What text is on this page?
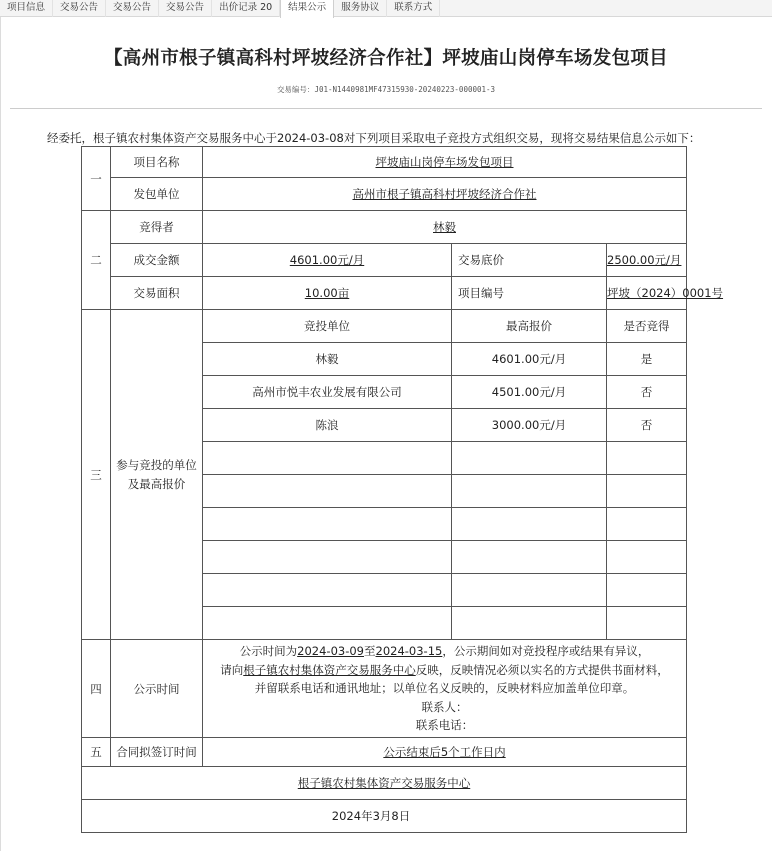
项目信息	交易公告	交易公告	交易公告	出价记录 20	结果公示	服务协议	联系方式
【高州市根子镇高科村坪坡经济合作社】坪坡庙山岗停车场发包项目
交易编号：J01-N1440981MF47315930-20240223-000001-3
经委托，根子镇农村集体资产交易服务中心于2024-03-08对下列项目采取电子竞投方式组织交易，现将交易结果信息公示如下：
一	项目名称	坪坡庙山岗停车场发包项目		
	发包单位	高州市根子镇高科村坪坡经济合作社		
二	竞得者	林毅		
	成交金额	4601.00元/月	交易底价	2500.00元/月
	交易面积	10.00亩	项目编号	坪坡（2024）0001号
三	参与竞投的单位及最高报价	竞投单位	最高报价	是否竞得
		林毅	4601.00元/月	是
		高州市悦丰农业发展有限公司	4501.00元/月	否
		陈浪	3000.00元/月	否

四	公示时间	公示时间为2024-03-09至2024-03-15，公示期间如对竞投程序或结果有异议，
请向根子镇农村集体资产交易服务中心反映，反映情况必须以实名的方式提供书面材料，
并留联系电话和通讯地址；以单位名义反映的，反映材料应加盖单位印章。
联系人：
联系电话：		

五	合同拟签订时间	公示结束后5个工作日内		
根子镇农村集体资产交易服务中心				
2024年3月8日				
